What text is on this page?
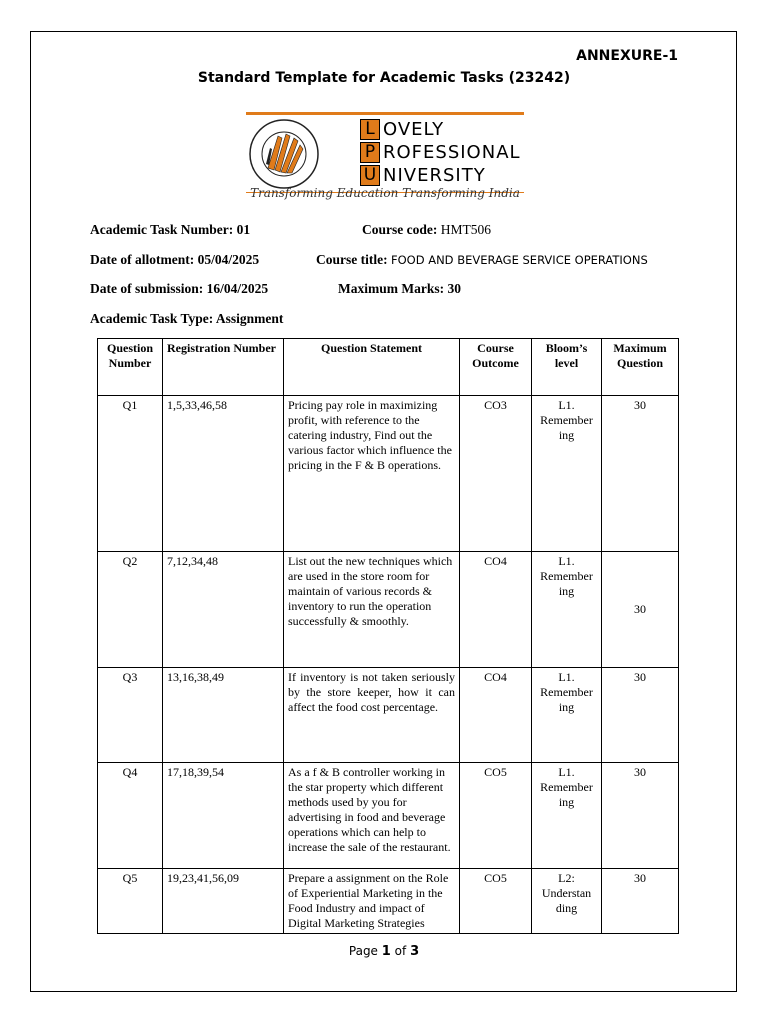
ANNEXURE-1
Standard Template for Academic Tasks (23242)
L OVELY
P ROFESSIONAL
U NIVERSITY
Transforming Education Transforming India
Academic Task Number: 01	Course code: HMT506
Date of allotment: 05/04/2025	Course title: FOOD AND BEVERAGE SERVICE OPERATIONS
Date of submission: 16/04/2025	Maximum Marks: 30
Academic Task Type: Assignment
Question Number	Registration Number	Question Statement	Course Outcome	Bloom’s level	Maximum Question
Q1	1,5,33,46,58	Pricing pay role in maximizing profit, with reference to the catering industry, Find out the various factor which influence the pricing in the F & B operations.	CO3	L1. Remember ing	30
Q2	7,12,34,48	List out the new techniques which are used in the store room for maintain of various records & inventory to run the operation successfully & smoothly.	CO4	L1. Remember ing	30
Q3	13,16,38,49	If inventory is not taken seriously by the store keeper, how it can affect the food cost percentage.	CO4	L1. Remember ing	30
Q4	17,18,39,54	As a f & B controller working in the star property which different methods used by you for advertising in food and beverage operations which can help to increase the sale of the restaurant.	CO5	L1. Remember ing	30
Q5	19,23,41,56,09	Prepare a assignment on the Role of Experiential Marketing in the Food Industry and impact of Digital Marketing Strategies	CO5	L2: Understan ding	30
Page 1 of 3
